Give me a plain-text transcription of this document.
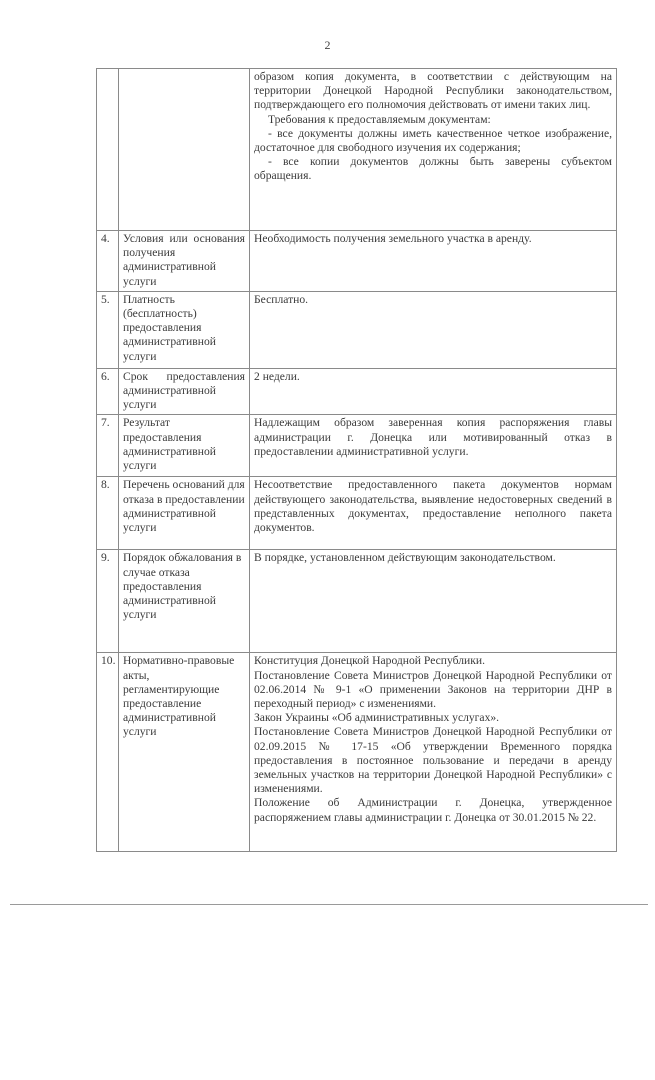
2

		образом копия документа, в соответствии с действующим на территории Донецкой Народной Республики законодательством, подтверждающего его полномочия действовать от имени таких лиц.
Требования к предоставляемым документам:
- все документы должны иметь качественное четкое изображение, достаточное для свободного изучения их содержания;
- все копии документов должны быть заверены субъектом обращения.

4.	Условия или основания получения административной услуги	Необходимость получения земельного участка в аренду.

5.	Платность (бесплатность) предоставления административной услуги	Бесплатно.

6.	Срок предоставления административной услуги	2 недели.

7.	Результат предоставления административной услуги	Надлежащим образом заверенная копия распоряжения главы администрации г. Донецка или мотивированный отказ в предоставлении административной услуги.

8.	Перечень оснований для отказа в предоставлении административной услуги	Несоответствие предоставленного пакета документов нормам действующего законодательства, выявление недостоверных сведений в представленных документах, предоставление неполного пакета документов.

9.	Порядок обжалования в случае отказа предоставления административной услуги	В порядке, установленном действующим законодательством.

10.	Нормативно-правовые акты, регламентирующие предоставление административной услуги	Конституция Донецкой Народной Республики.
Постановление Совета Министров Донецкой Народной Республики от 02.06.2014 № 9-1 «О применении Законов на территории ДНР в переходный период» с изменениями.
Закон Украины «Об административных услугах».
Постановление Совета Министров Донецкой Народной Республики от 02.09.2015 № 17-15 «Об утверждении Временного порядка предоставления в постоянное пользование и передачи в аренду земельных участков на территории Донецкой Народной Республики» с изменениями.
Положение об Администрации г. Донецка, утвержденное распоряжением главы администрации г. Донецка от 30.01.2015 № 22.
